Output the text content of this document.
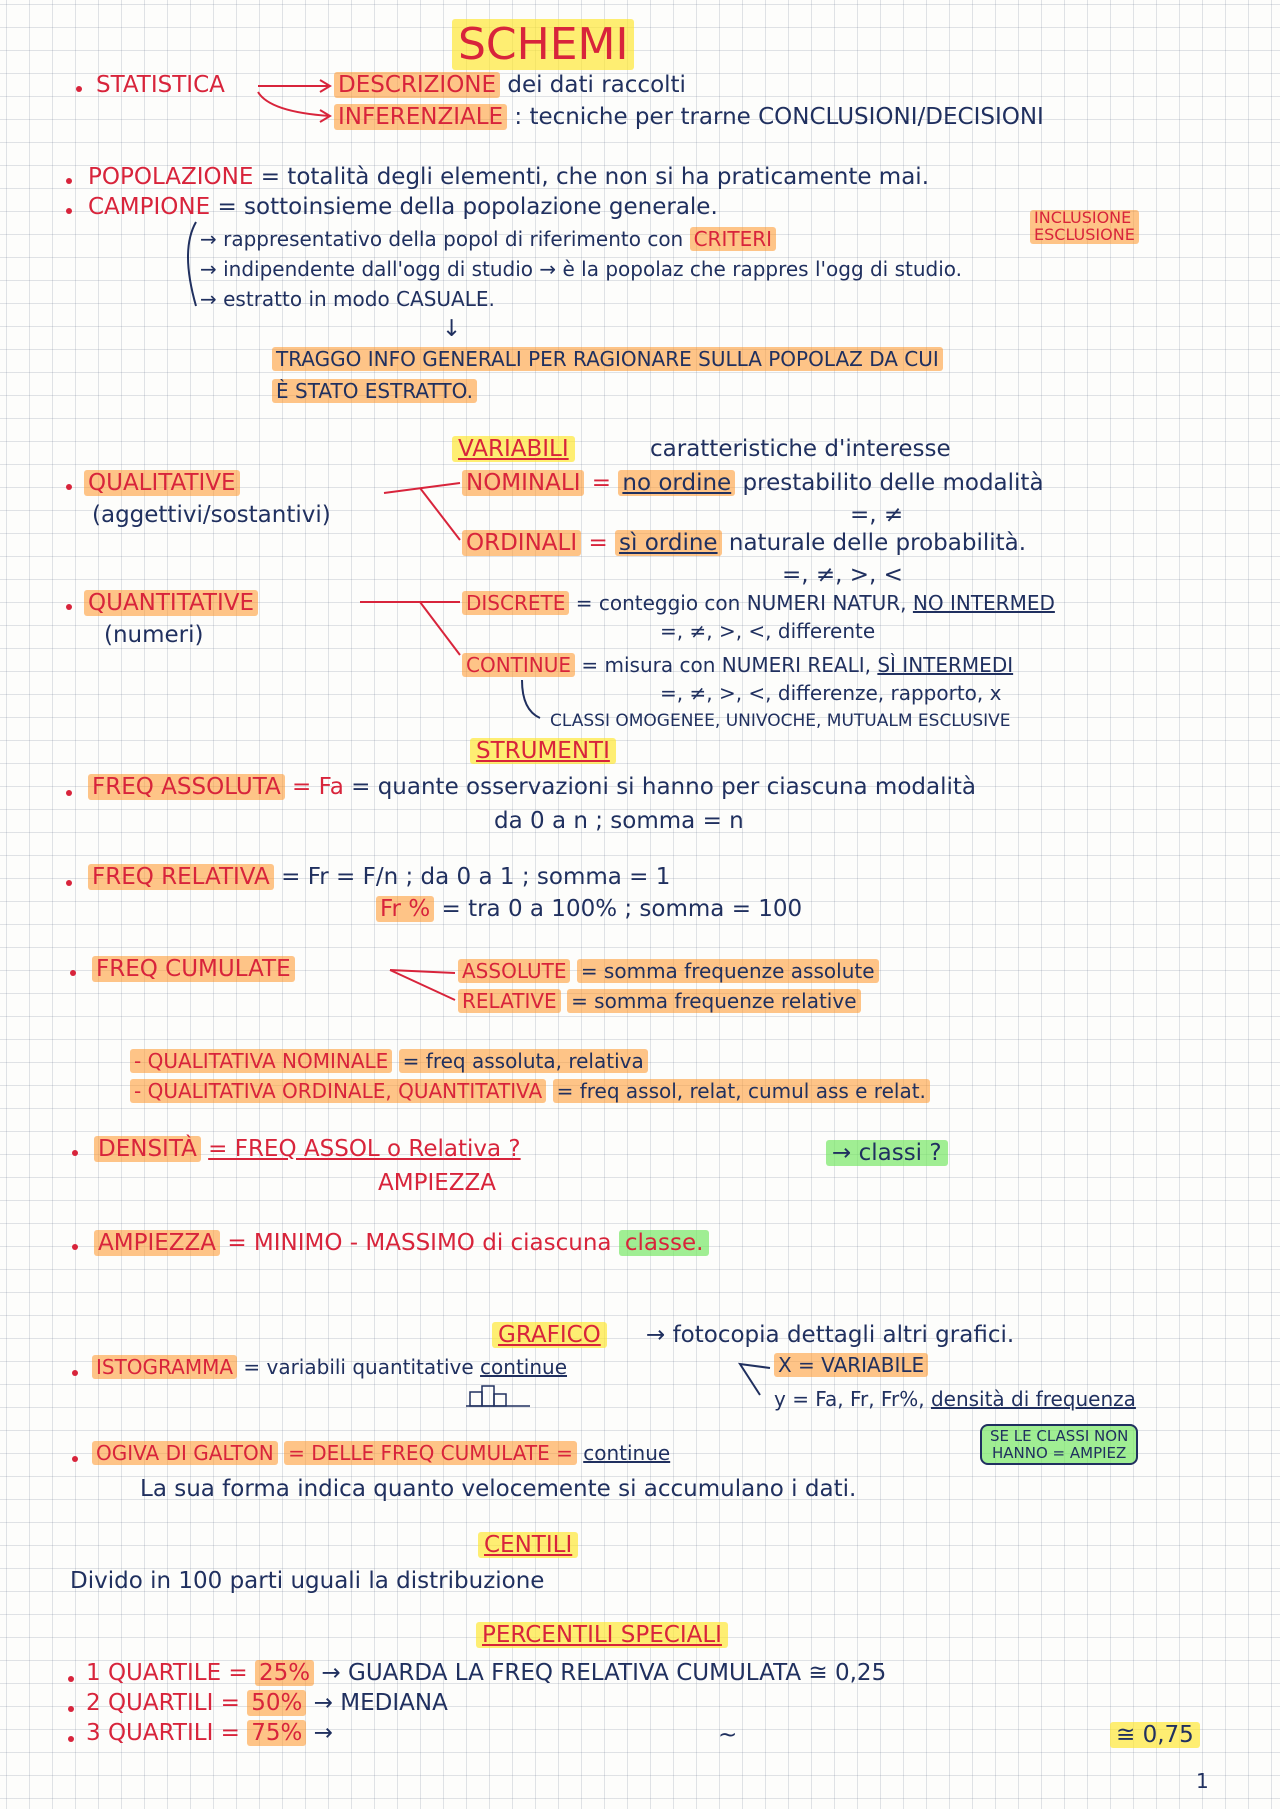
SCHEMI
STATISTICA	DESCRIZIONE dei dati raccolti
INFERENZIALE : tecniche per trarne CONCLUSIONI/DECISIONI
POPOLAZIONE = totalità degli elementi, che non si ha praticamente mai.
CAMPIONE = sottoinsieme della popolazione generale.
→ rappresentativo della popol di riferimento con CRITERI
INCLUSIONE
ESCLUSIONE
→ indipendente dall'ogg di studio → è la popolaz che rappres l'ogg di studio.
→ estratto in modo CASUALE.
↓
TRAGGO INFO GENERALI PER RAGIONARE SULLA POPOLAZ DA CUI
È STATO ESTRATTO.
VARIABILI	caratteristiche d'interesse
QUALITATIVE
(aggettivi/sostantivi)
NOMINALI = no ordine prestabilito delle modalità
=, ≠
ORDINALI = sì ordine naturale delle probabilità.
=, ≠, >, <
QUANTITATIVE
(numeri)
DISCRETE = conteggio con NUMERI NATUR, NO INTERMED
=, ≠, >, <, differente
CONTINUE = misura con NUMERI REALI, SÌ INTERMEDI
=, ≠, >, <, differenze, rapporto, x
CLASSI OMOGENEE, UNIVOCHE, MUTUALM ESCLUSIVE
STRUMENTI
FREQ ASSOLUTA = Fa = quante osservazioni si hanno per ciascuna modalità
da 0 a n ; somma = n
FREQ RELATIVA = Fr = F/n ; da 0 a 1 ; somma = 1
Fr % = tra 0 a 100% ; somma = 100
FREQ CUMULATE	ASSOLUTE = somma frequenze assolute
RELATIVE = somma frequenze relative
- QUALITATIVA NOMINALE = freq assoluta, relativa
- QUALITATIVA ORDINALE, QUANTITATIVA = freq assol, relat, cumul ass e relat.
DENSITÀ = FREQ ASSOL o Relativa ?
AMPIEZZA
→ classi ?
AMPIEZZA = MINIMO - MASSIMO di ciascuna classe.
GRAFICO → fotocopia dettagli altri grafici.
ISTOGRAMMA = variabili quantitative continue	X = VARIABILE
y = Fa, Fr, Fr%, densità di frequenza
OGIVA DI GALTON = DELLE FREQ CUMULATE = continue
SE LE CLASSI NON
HANNO = AMPIEZ
La sua forma indica quanto velocemente si accumulano i dati.
CENTILI
Divido in 100 parti uguali la distribuzione
PERCENTILI SPECIALI
1 QUARTILE = 25% → GUARDA LA FREQ RELATIVA CUMULATA ≅ 0,25
2 QUARTILI = 50% → MEDIANA
3 QUARTILI = 75% →	~	≅ 0,75
1
